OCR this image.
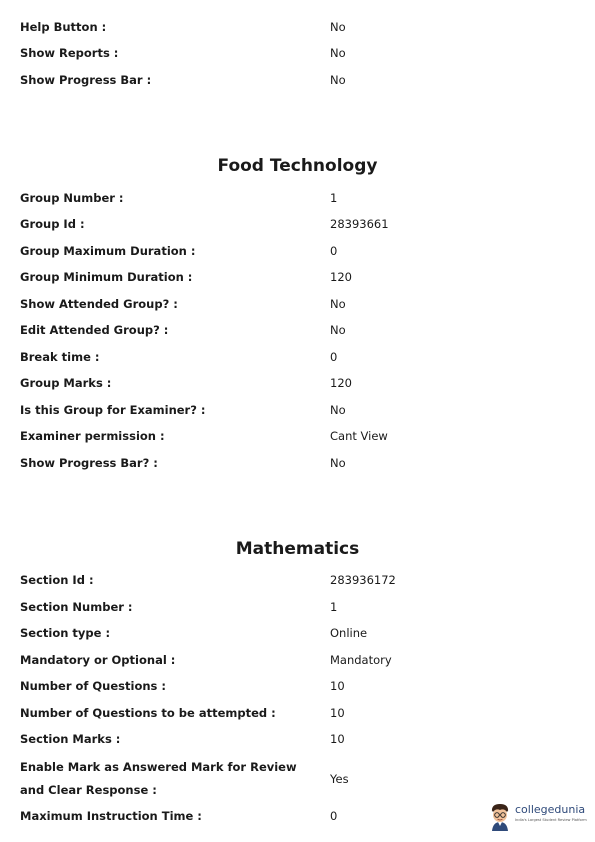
Help Button :	No
Show Reports :	No
Show Progress Bar :	No
Food Technology
Group Number :	1
Group Id :	28393661
Group Maximum Duration :	0
Group Minimum Duration :	120
Show Attended Group? :	No
Edit Attended Group? :	No
Break time :	0
Group Marks :	120
Is this Group for Examiner? :	No
Examiner permission :	Cant View
Show Progress Bar? :	No
Mathematics
Section Id :	283936172
Section Number :	1
Section type :	Online
Mandatory or Optional :	Mandatory
Number of Questions :	10
Number of Questions to be attempted :	10
Section Marks :	10
Enable Mark as Answered Mark for Review and Clear Response :
Yes
Maximum Instruction Time :	0	collegedunia
India's Largest Student Review Platform
